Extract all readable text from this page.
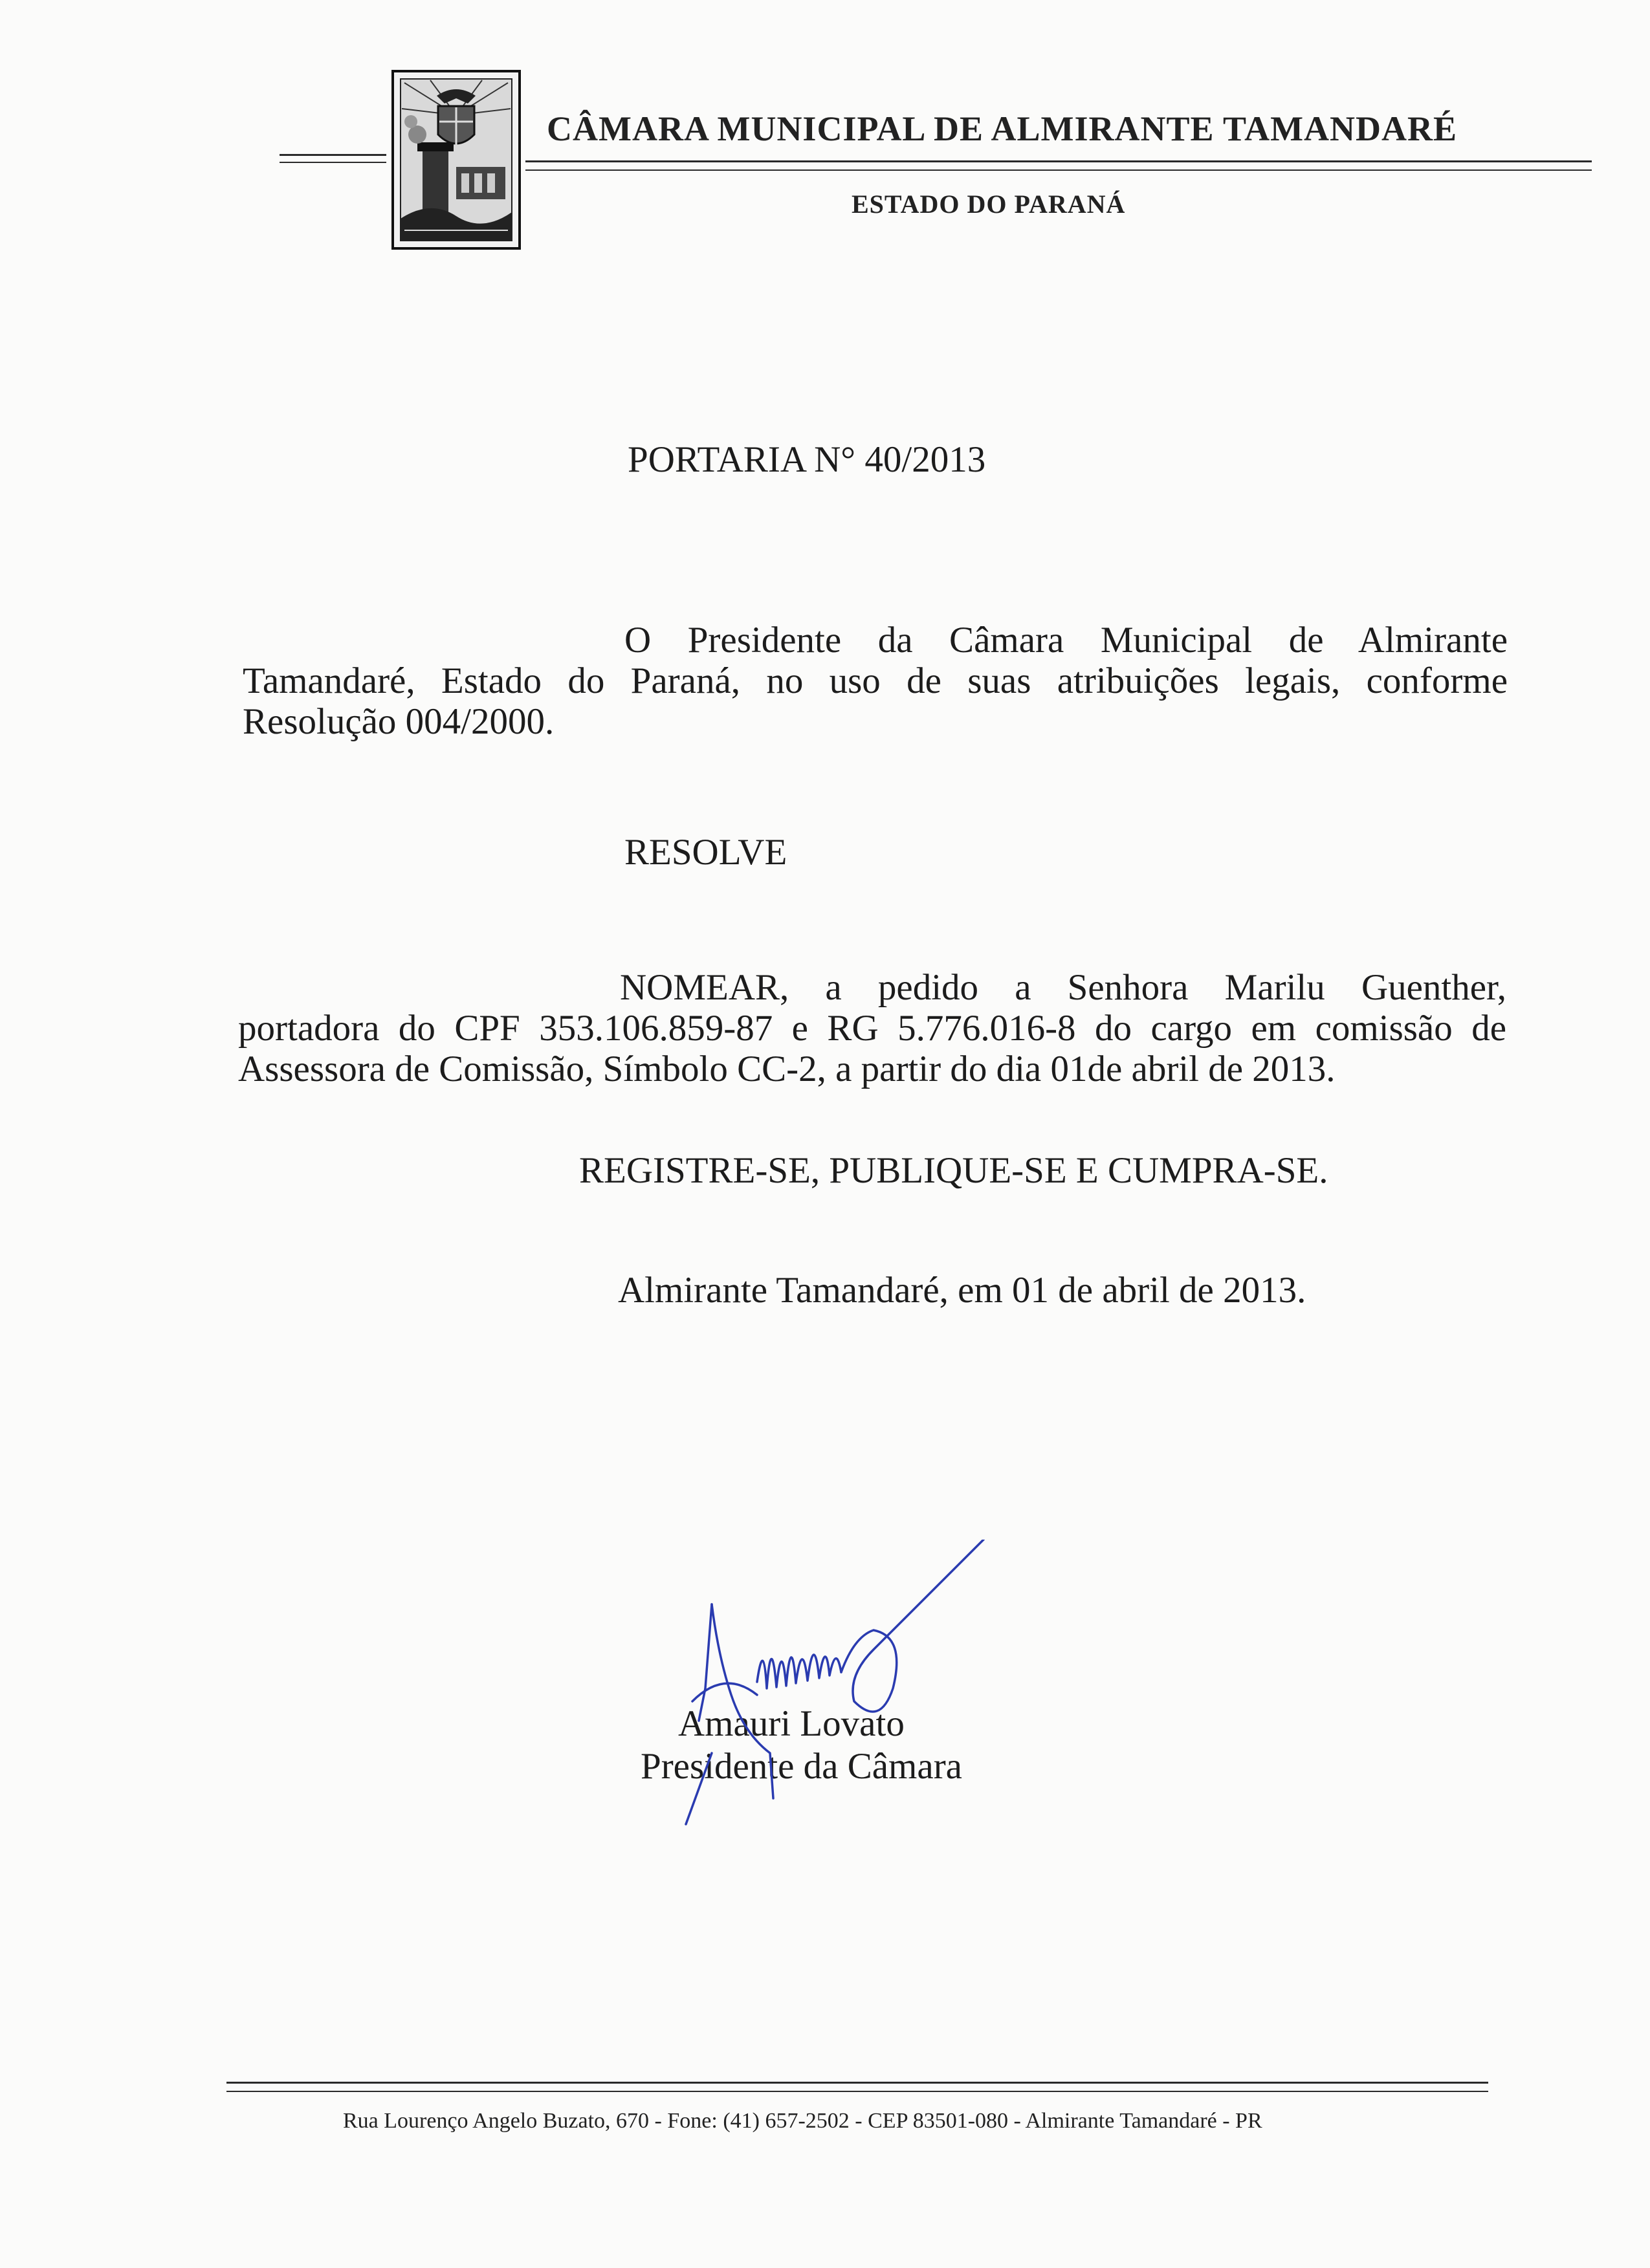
CÂMARA MUNICIPAL DE ALMIRANTE TAMANDARÉ
ESTADO DO PARANÁ
PORTARIA N° 40/2013
O Presidente da Câmara Municipal de Almirante
Tamandaré, Estado do Paraná, no uso de suas atribuições legais, conforme
Resolução 004/2000.
RESOLVE
NOMEAR, a pedido a Senhora Marilu Guenther,
portadora do CPF 353.106.859-87 e RG 5.776.016-8 do cargo em comissão de
Assessora de Comissão, Símbolo CC-2, a partir do dia 01de abril de 2013.
REGISTRE-SE, PUBLIQUE-SE E CUMPRA-SE.
Almirante Tamandaré, em 01 de abril de 2013.
Amauri Lovato
Presidente da Câmara
Rua Lourenço Angelo Buzato, 670 - Fone: (41) 657-2502 - CEP 83501-080 - Almirante Tamandaré - PR
